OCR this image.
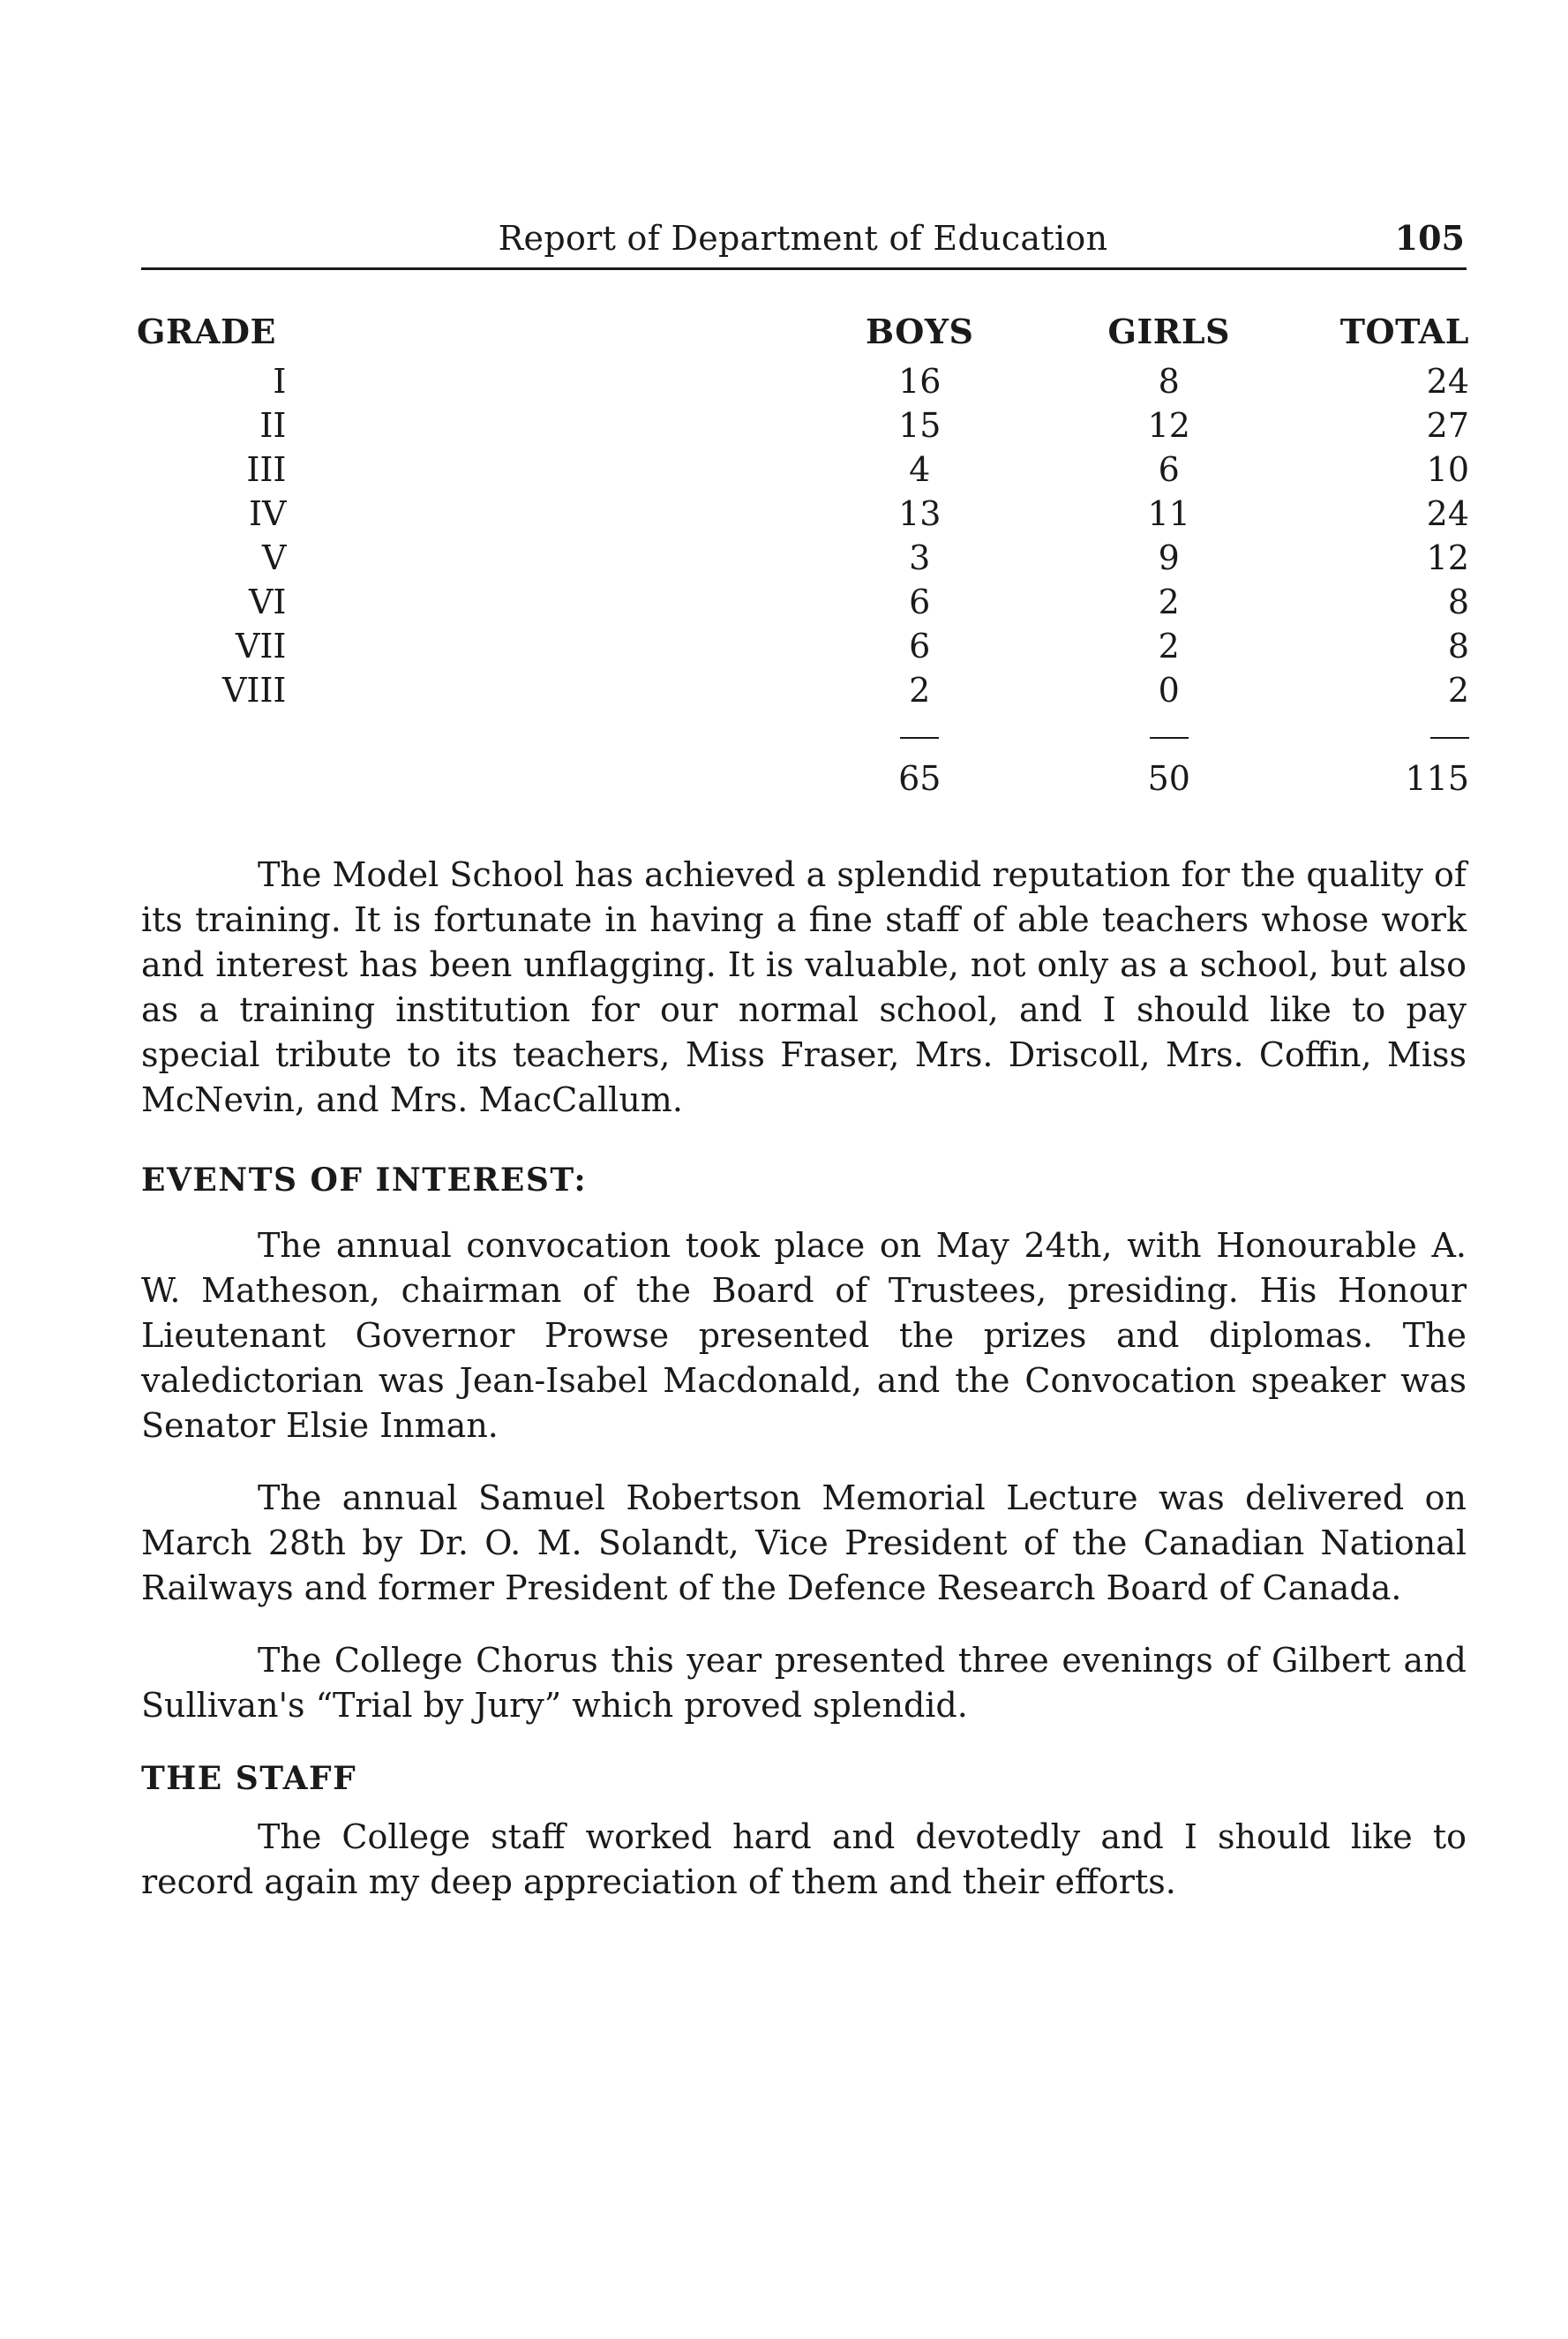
Report of Department of Education	105
GRADE		BOYS		GIRLS		TOTAL
I		16		8		24
II		15		12		27
III		4		6		10
IV		13		11		24
V		3		9		12
VI		6		2		8
VII		6		2		8
VIII		2		0		2

		65		50		115

The Model School has achieved a splendid reputation for the quality of its training. It is fortunate in having a fine staff of able teachers whose work and interest has been unflagging. It is valuable, not only as a school, but also as a training institution for our normal school, and I should like to pay special tribute to its teachers, Miss Fraser, Mrs. Driscoll, Mrs. Coffin, Miss McNevin, and Mrs. MacCallum.

EVENTS OF INTEREST:

The annual convocation took place on May 24th, with Honourable A. W. Matheson, chairman of the Board of Trustees, presiding. His Honour Lieutenant Governor Prowse presented the prizes and diplomas. The valedictorian was Jean-Isabel Macdonald, and the Convocation speaker was Senator Elsie Inman.

The annual Samuel Robertson Memorial Lecture was delivered on March 28th by Dr. O. M. Solandt, Vice President of the Canadian National Railways and former President of the Defence Research Board of Canada.

The College Chorus this year presented three evenings of Gilbert and Sullivan's “Trial by Jury” which proved splendid.

THE STAFF

The College staff worked hard and devotedly and I should like to record again my deep appreciation of them and their efforts.
